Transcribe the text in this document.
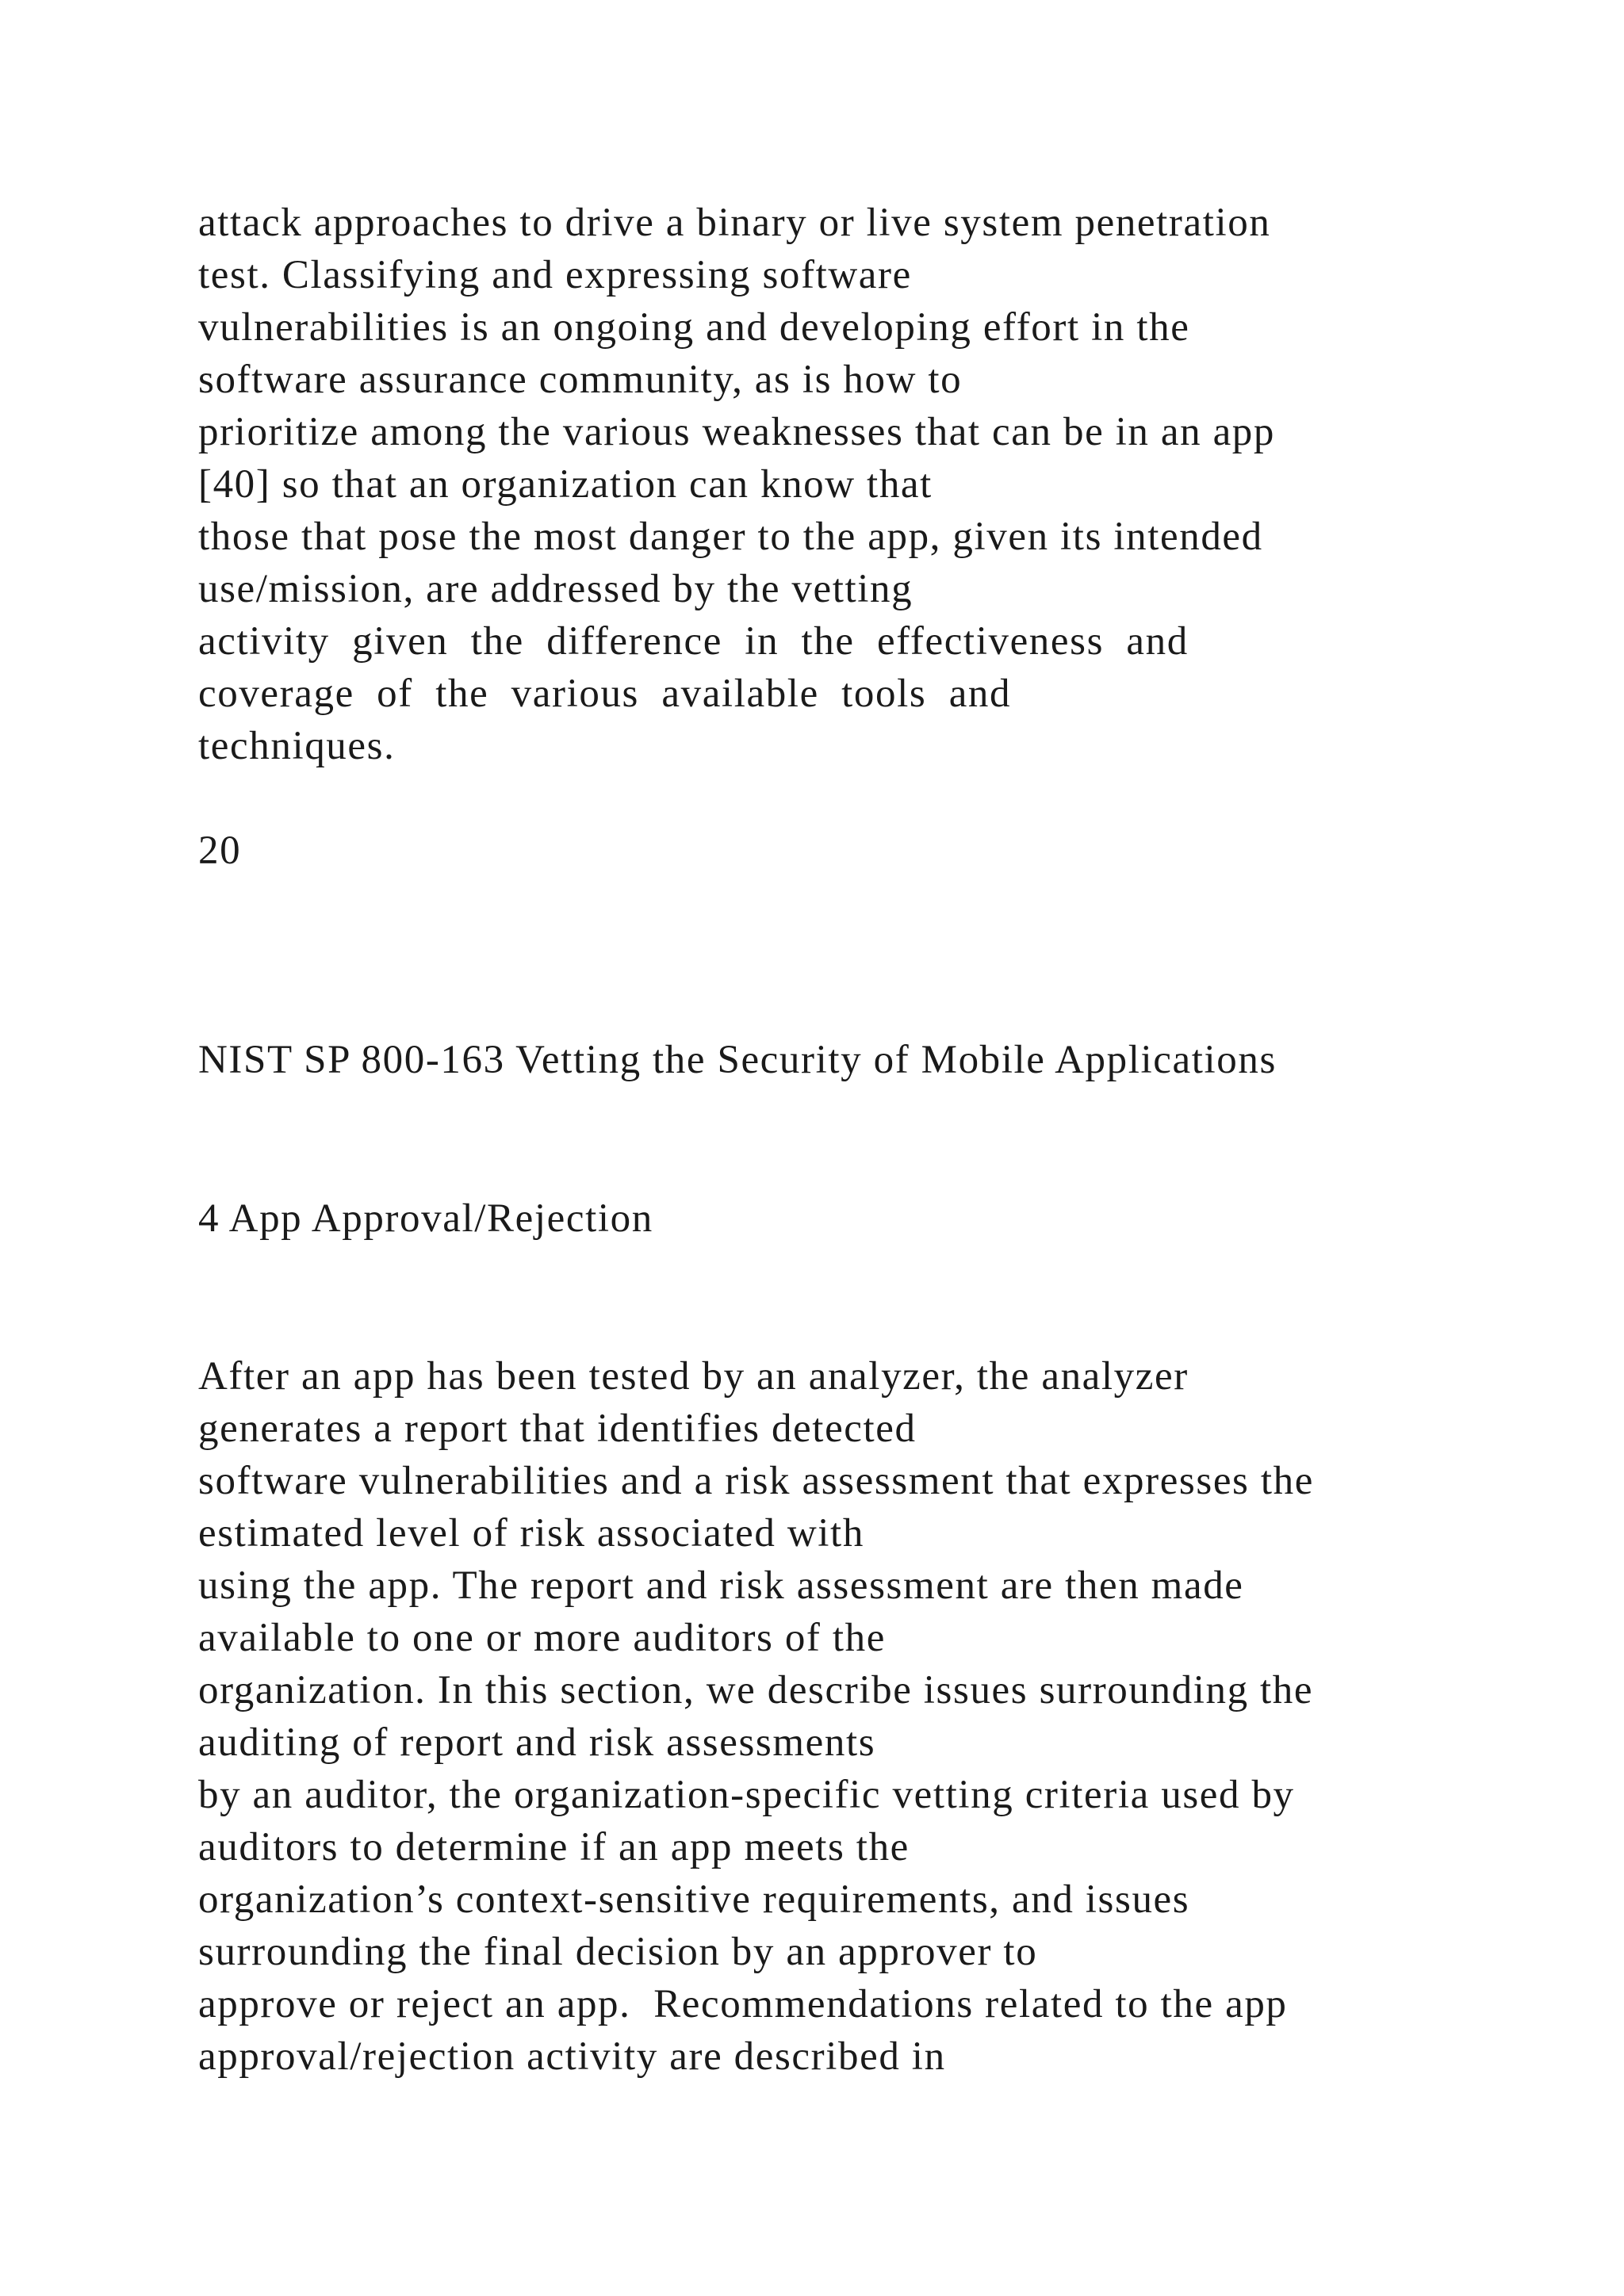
attack approaches to drive a binary or live system penetration
test. Classifying and expressing software
vulnerabilities is an ongoing and developing effort in the
software assurance community, as is how to
prioritize among the various weaknesses that can be in an app
[40] so that an organization can know that
those that pose the most danger to the app, given its intended
use/mission, are addressed by the vetting
activity given the difference in the effectiveness and
coverage of the various available tools and
techniques.
20
NIST SP 800-163 Vetting the Security of Mobile Applications
4 App Approval/Rejection
After an app has been tested by an analyzer, the analyzer
generates a report that identifies detected
software vulnerabilities and a risk assessment that expresses the
estimated level of risk associated with
using the app. The report and risk assessment are then made
available to one or more auditors of the
organization. In this section, we describe issues surrounding the
auditing of report and risk assessments
by an auditor, the organization-specific vetting criteria used by
auditors to determine if an app meets the
organization’s context-sensitive requirements, and issues
surrounding the final decision by an approver to
approve or reject an app.  Recommendations related to the app
approval/rejection activity are described in
